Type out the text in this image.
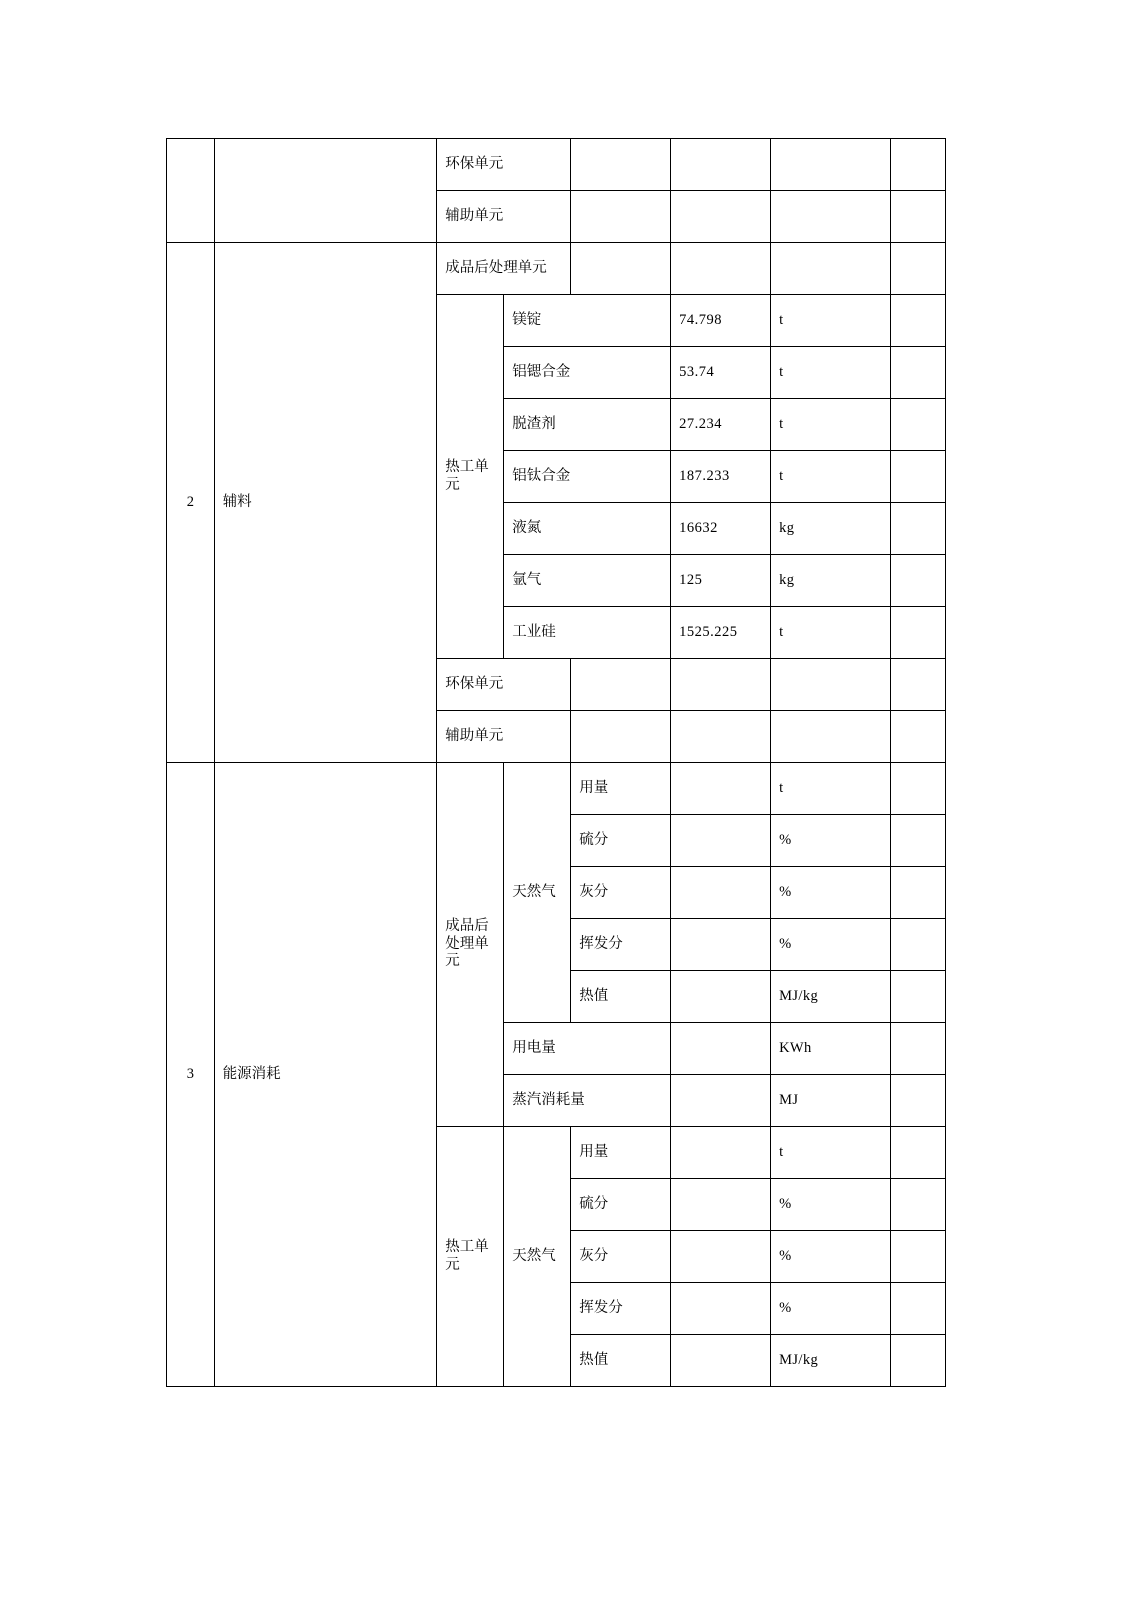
		环保单元					
		辅助单元					
2	辅料	成品后处理单元					
		热工单元	镁锭		74.798	t	
			铝锶合金		53.74	t	
			脱渣剂		27.234	t	
			铝钛合金		187.233	t	
			液氮		16632	kg	
			氩气		125	kg	
			工业硅		1525.225	t	
		环保单元					
		辅助单元					
3	能源消耗	成品后处理单元	天然气	用量		t	
				硫分		%	
				灰分		%	
				挥发分		%	
				热值		MJ/kg	
			用电量			KWh	
			蒸汽消耗量			MJ	
		热工单元	天然气	用量		t	
				硫分		%	
				灰分		%	
				挥发分		%	
				热值		MJ/kg	
